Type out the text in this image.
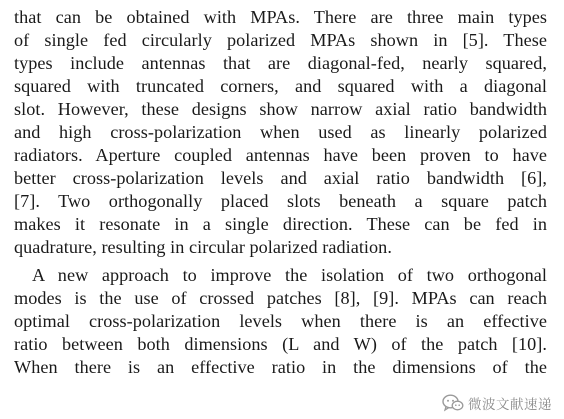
that can be obtained with MPAs. There are three main types
of single fed circularly polarized MPAs shown in [5]. These
types include antennas that are diagonal-fed, nearly squared,
squared with truncated corners, and squared with a diagonal
slot. However, these designs show narrow axial ratio bandwidth
and high cross-polarization when used as linearly polarized
radiators. Aperture coupled antennas have been proven to have
better cross-polarization levels and axial ratio bandwidth [6],
[7]. Two orthogonally placed slots beneath a square patch
makes it resonate in a single direction. These can be fed in
quadrature, resulting in circular polarized radiation.
A new approach to improve the isolation of two orthogonal
modes is the use of crossed patches [8], [9]. MPAs can reach
optimal cross-polarization levels when there is an effective
ratio between both dimensions (L and W) of the patch [10].
When there is an effective ratio in the dimensions of the
微波文献速递
